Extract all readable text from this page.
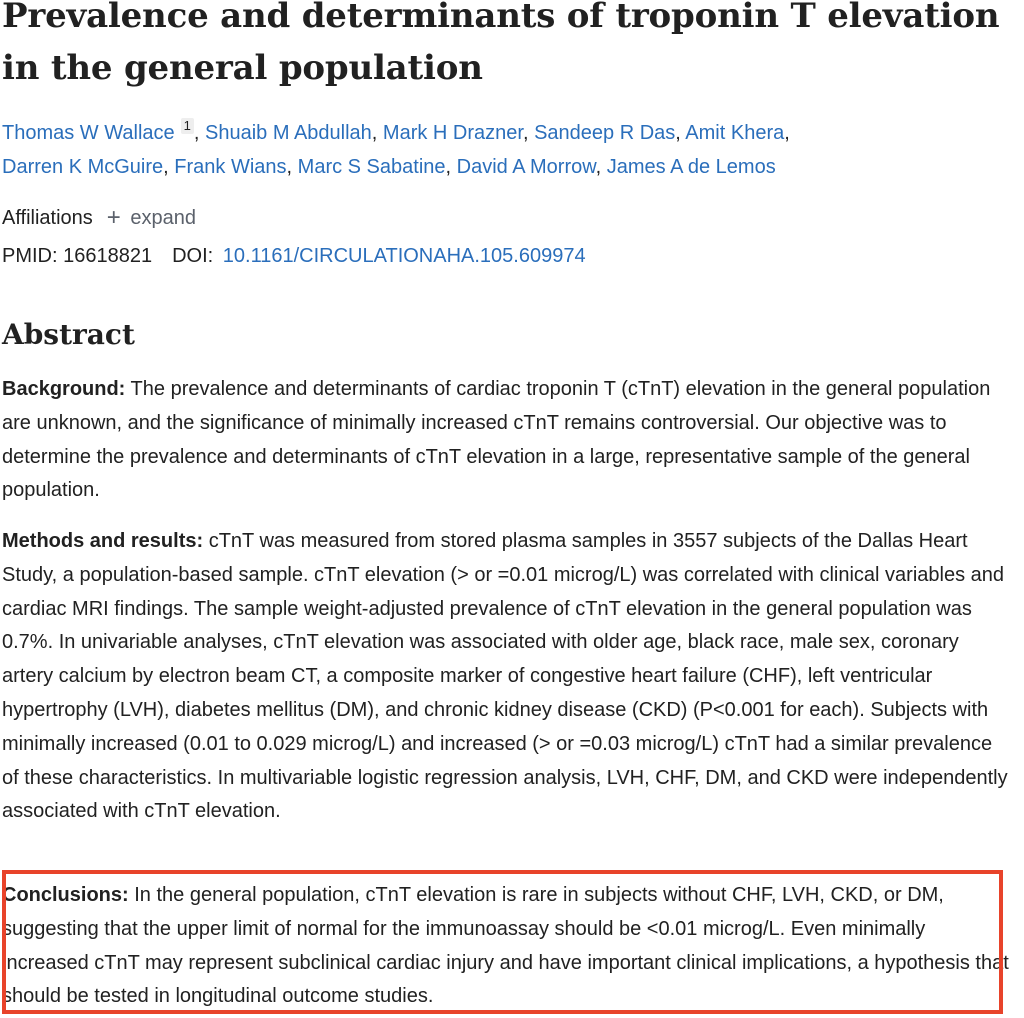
Prevalence and determinants of troponin T elevation in the general population
Thomas W Wallace 1 , Shuaib M Abdullah, Mark H Drazner, Sandeep R Das, Amit Khera,
Darren K McGuire, Frank Wians, Marc S Sabatine, David A Morrow, James A de Lemos
Affiliations + expand
PMID: 16618821 DOI: 10.1161/CIRCULATIONAHA.105.609974
Abstract

Background: The prevalence and determinants of cardiac troponin T (cTnT) elevation in the general population are unknown, and the significance of minimally increased cTnT remains controversial. Our objective was to determine the prevalence and determinants of cTnT elevation in a large, representative sample of the general population.

Methods and results: cTnT was measured from stored plasma samples in 3557 subjects of the Dallas Heart Study, a population-based sample. cTnT elevation (> or =0.01 microg/L) was correlated with clinical variables and cardiac MRI findings. The sample weight-adjusted prevalence of cTnT elevation in the general population was 0.7%. In univariable analyses, cTnT elevation was associated with older age, black race, male sex, coronary artery calcium by electron beam CT, a composite marker of congestive heart failure (CHF), left ventricular hypertrophy (LVH), diabetes mellitus (DM), and chronic kidney disease (CKD) (P<0.001 for each). Subjects with minimally increased (0.01 to 0.029 microg/L) and increased (> or =0.03 microg/L) cTnT had a similar prevalence of these characteristics. In multivariable logistic regression analysis, LVH, CHF, DM, and CKD were independently associated with cTnT elevation.

Conclusions: In the general population, cTnT elevation is rare in subjects without CHF, LVH, CKD, or DM, suggesting that the upper limit of normal for the immunoassay should be <0.01 microg/L. Even minimally increased cTnT may represent subclinical cardiac injury and have important clinical implications, a hypothesis that should be tested in longitudinal outcome studies.
